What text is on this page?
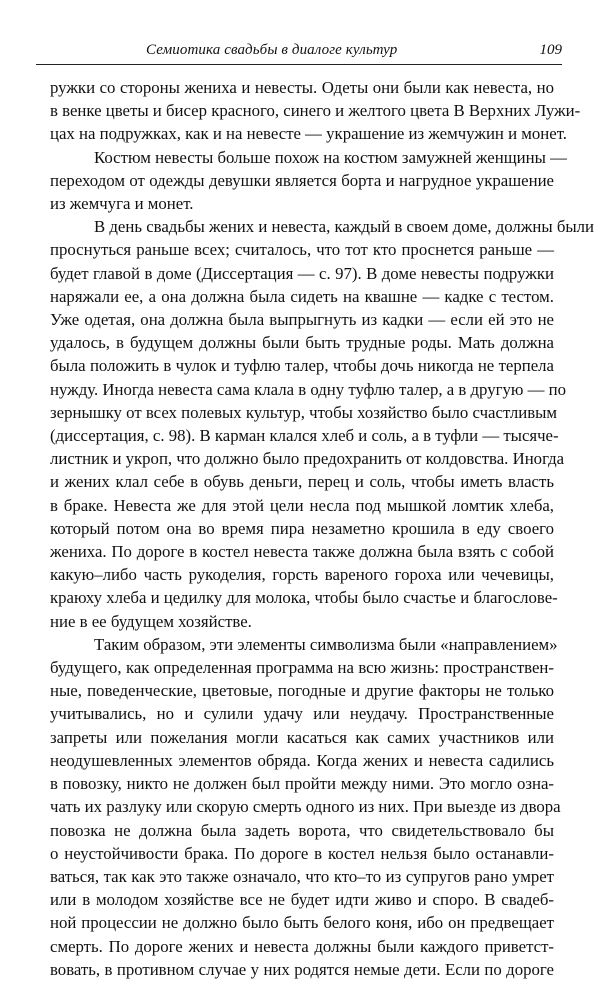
Семиотика свадьбы в диалоге культур	109
ружки со стороны жениха и невесты. Одеты они были как невеста, но
в венке цветы и бисер красного, синего и желтого цвета В Верхних Лужи-
цах на подружках, как и на невесте — украшение из жемчужин и монет.
Костюм невесты больше похож на костюм замужней женщины —
переходом от одежды девушки является борта и нагрудное украшение
из жемчуга и монет.
В день свадьбы жених и невеста, каждый в своем доме, должны были
проснуться раньше всех; считалось, что тот кто проснется раньше —
будет главой в доме (Диссертация — с. 97). В доме невесты подружки
наряжали ее, а она должна была сидеть на квашне — кадке с тестом.
Уже одетая, она должна была выпрыгнуть из кадки — если ей это не
удалось, в будущем должны были быть трудные роды. Мать должна
была положить в чулок и туфлю талер, чтобы дочь никогда не терпела
нужду. Иногда невеста сама клала в одну туфлю талер, а в другую — по
зернышку от всех полевых культур, чтобы хозяйство было счастливым
(диссертация, с. 98). В карман клался хлеб и соль, а в туфли — тысяче-
листник и укроп, что должно было предохранить от колдовства. Иногда
и жених клал себе в обувь деньги, перец и соль, чтобы иметь власть
в браке. Невеста же для этой цели несла под мышкой ломтик хлеба,
который потом она во время пира незаметно крошила в еду своего
жениха. По дороге в костел невеста также должна была взять с собой
какую–либо часть рукоделия, горсть вареного гороха или чечевицы,
краюху хлеба и цедилку для молока, чтобы было счастье и благослове-
ние в ее будущем хозяйстве.
Таким образом, эти элементы символизма были «направлением»
будущего, как определенная программа на всю жизнь: пространствен-
ные, поведенческие, цветовые, погодные и другие факторы не только
учитывались, но и сулили удачу или неудачу. Пространственные
запреты или пожелания могли касаться как самих участников или
неодушевленных элементов обряда. Когда жених и невеста садились
в повозку, никто не должен был пройти между ними. Это могло озна-
чать их разлуку или скорую смерть одного из них. При выезде из двора
повозка не должна была задеть ворота, что свидетельствовало бы
о неустойчивости брака. По дороге в костел нельзя было останавли-
ваться, так как это также означало, что кто–то из супругов рано умрет
или в молодом хозяйстве все не будет идти живо и споро. В свадеб-
ной процессии не должно было быть белого коня, ибо он предвещает
смерть. По дороге жених и невеста должны были каждого приветст-
вовать, в противном случае у них родятся немые дети. Если по дороге
